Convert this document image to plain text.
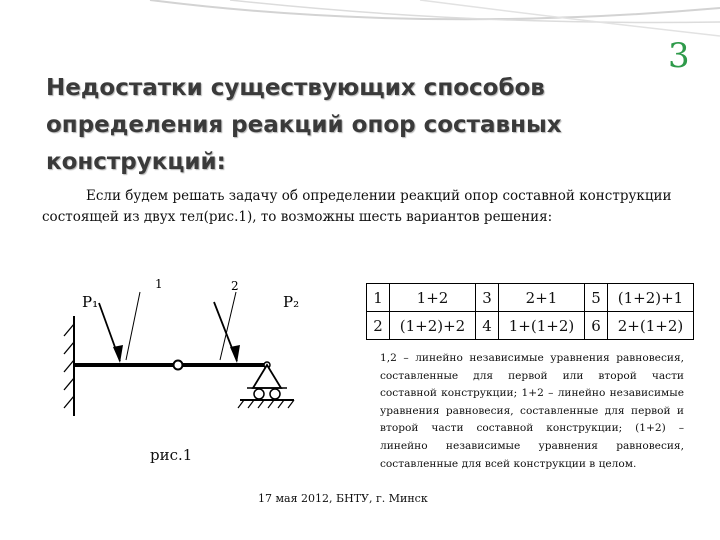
3
Недостатки существующих способов определения реакций опор составных конструкций:

Если будем решать задачу об определении реакций опор составной конструкции состоящей из двух тел(рис.1), то возможны шесть вариантов решения:

P₁
1	2
P₂
рис.1
1	1+2	3	2+1	5	(1+2)+1
2	(1+2)+2	4	1+(1+2)	6	2+(1+2)

1,2 – линейно независимые уравнения равновесия, составленные для первой или второй части составной конструкции; 1+2 – линейно независимые уравнения равновесия, составленные для первой и второй части составной конструкции; (1+2) – линейно независимые уравнения равновесия, составленные для всей конструкции в целом.

17 мая 2012, БНТУ, г. Минск
